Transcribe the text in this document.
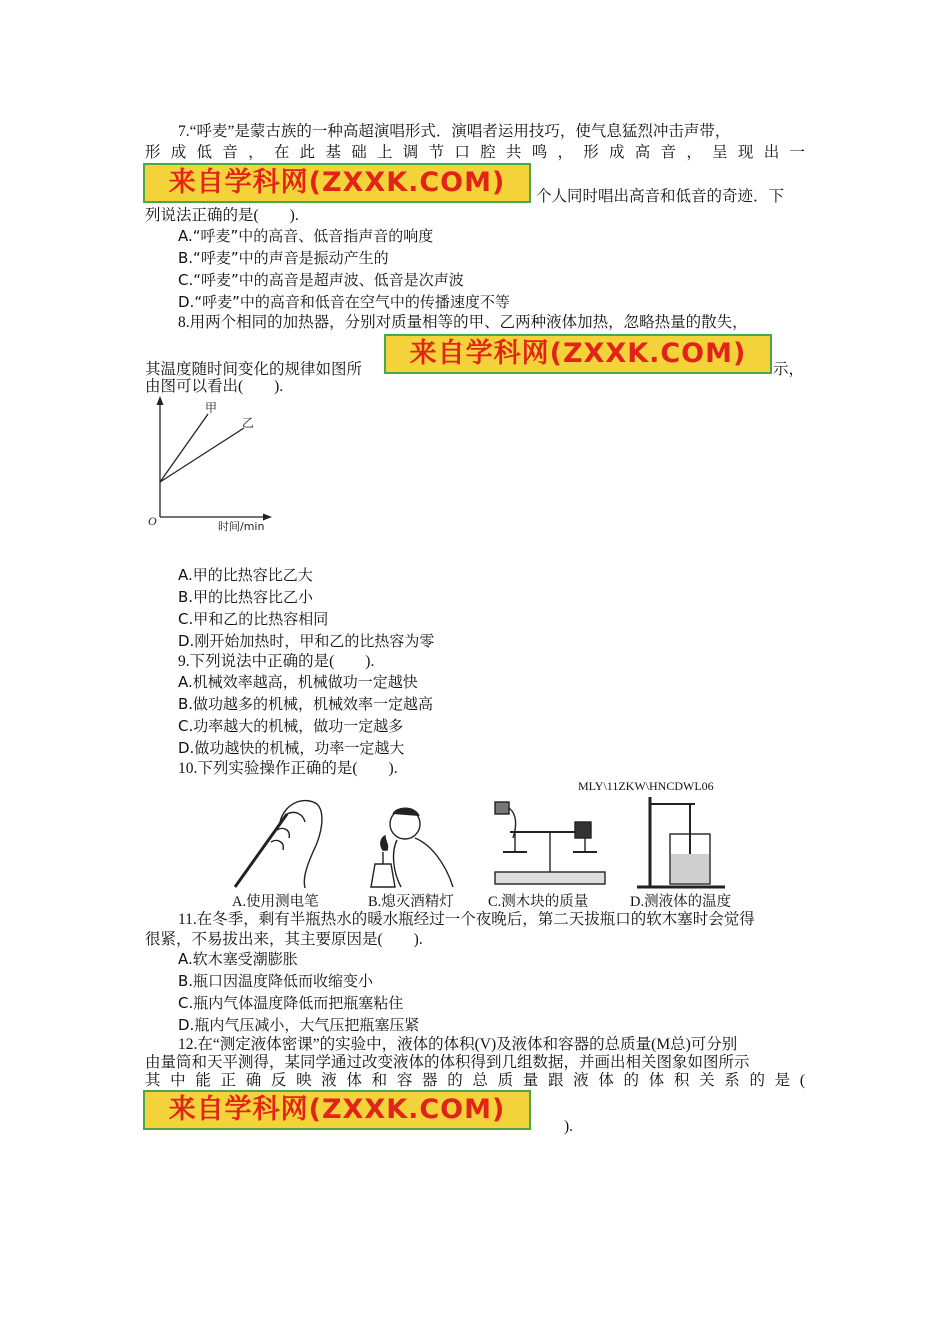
7.“呼麦”是蒙古族的一种高超演唱形式．演唱者运用技巧，使气息猛烈冲击声带，
形成低音，在此基础上调节口腔共鸣，形成高音，呈现出一
来自学科网(ZXXK.COM)	个人同时唱出高音和低音的奇迹．下
列说法正确的是(　　).
A.“呼麦”中的高音、低音指声音的响度
B.“呼麦”中的声音是振动产生的
C.“呼麦”中的高音是超声波、低音是次声波
D.“呼麦”中的高音和低音在空气中的传播速度不等
8.用两个相同的加热器，分别对质量相等的甲、乙两种液体加热，忽略热量的散失，
其温度随时间变化的规律如图所
来自学科网(ZXXK.COM)
示，
由图可以看出(　　).
甲
乙
O	时间/min
A.甲的比热容比乙大
B.甲的比热容比乙小
C.甲和乙的比热容相同
D.刚开始加热时，甲和乙的比热容为零
9.下列说法中正确的是(　　).
A.机械效率越高，机械做功一定越快
B.做功越多的机械，机械效率一定越高
C.功率越大的机械，做功一定越多
D.做功越快的机械，功率一定越大
10.下列实验操作正确的是(　　).
MLY\11ZKW\HNCDWL06
A.使用测电笔	B.熄灭酒精灯 C.测木块的质量	D.测液体的温度
11.在冬季，剩有半瓶热水的暖水瓶经过一个夜晚后，第二天拔瓶口的软木塞时会觉得
很紧，不易拔出来，其主要原因是(　　).
A.软木塞受潮膨胀
B.瓶口因温度降低而收缩变小
C.瓶内气体温度降低而把瓶塞粘住
D.瓶内气压减小，大气压把瓶塞压紧
12.在“测定液体密课”的实验中，液体的体积(V)及液体和容器的总质量(M总)可分别
由量筒和天平测得，某同学通过改变液体的体积得到几组数据，并画出相关图象如图所示
其中能正确反映液体和容器的总质量跟液体的体积关系的是(
来自学科网(ZXXK.COM)
).
